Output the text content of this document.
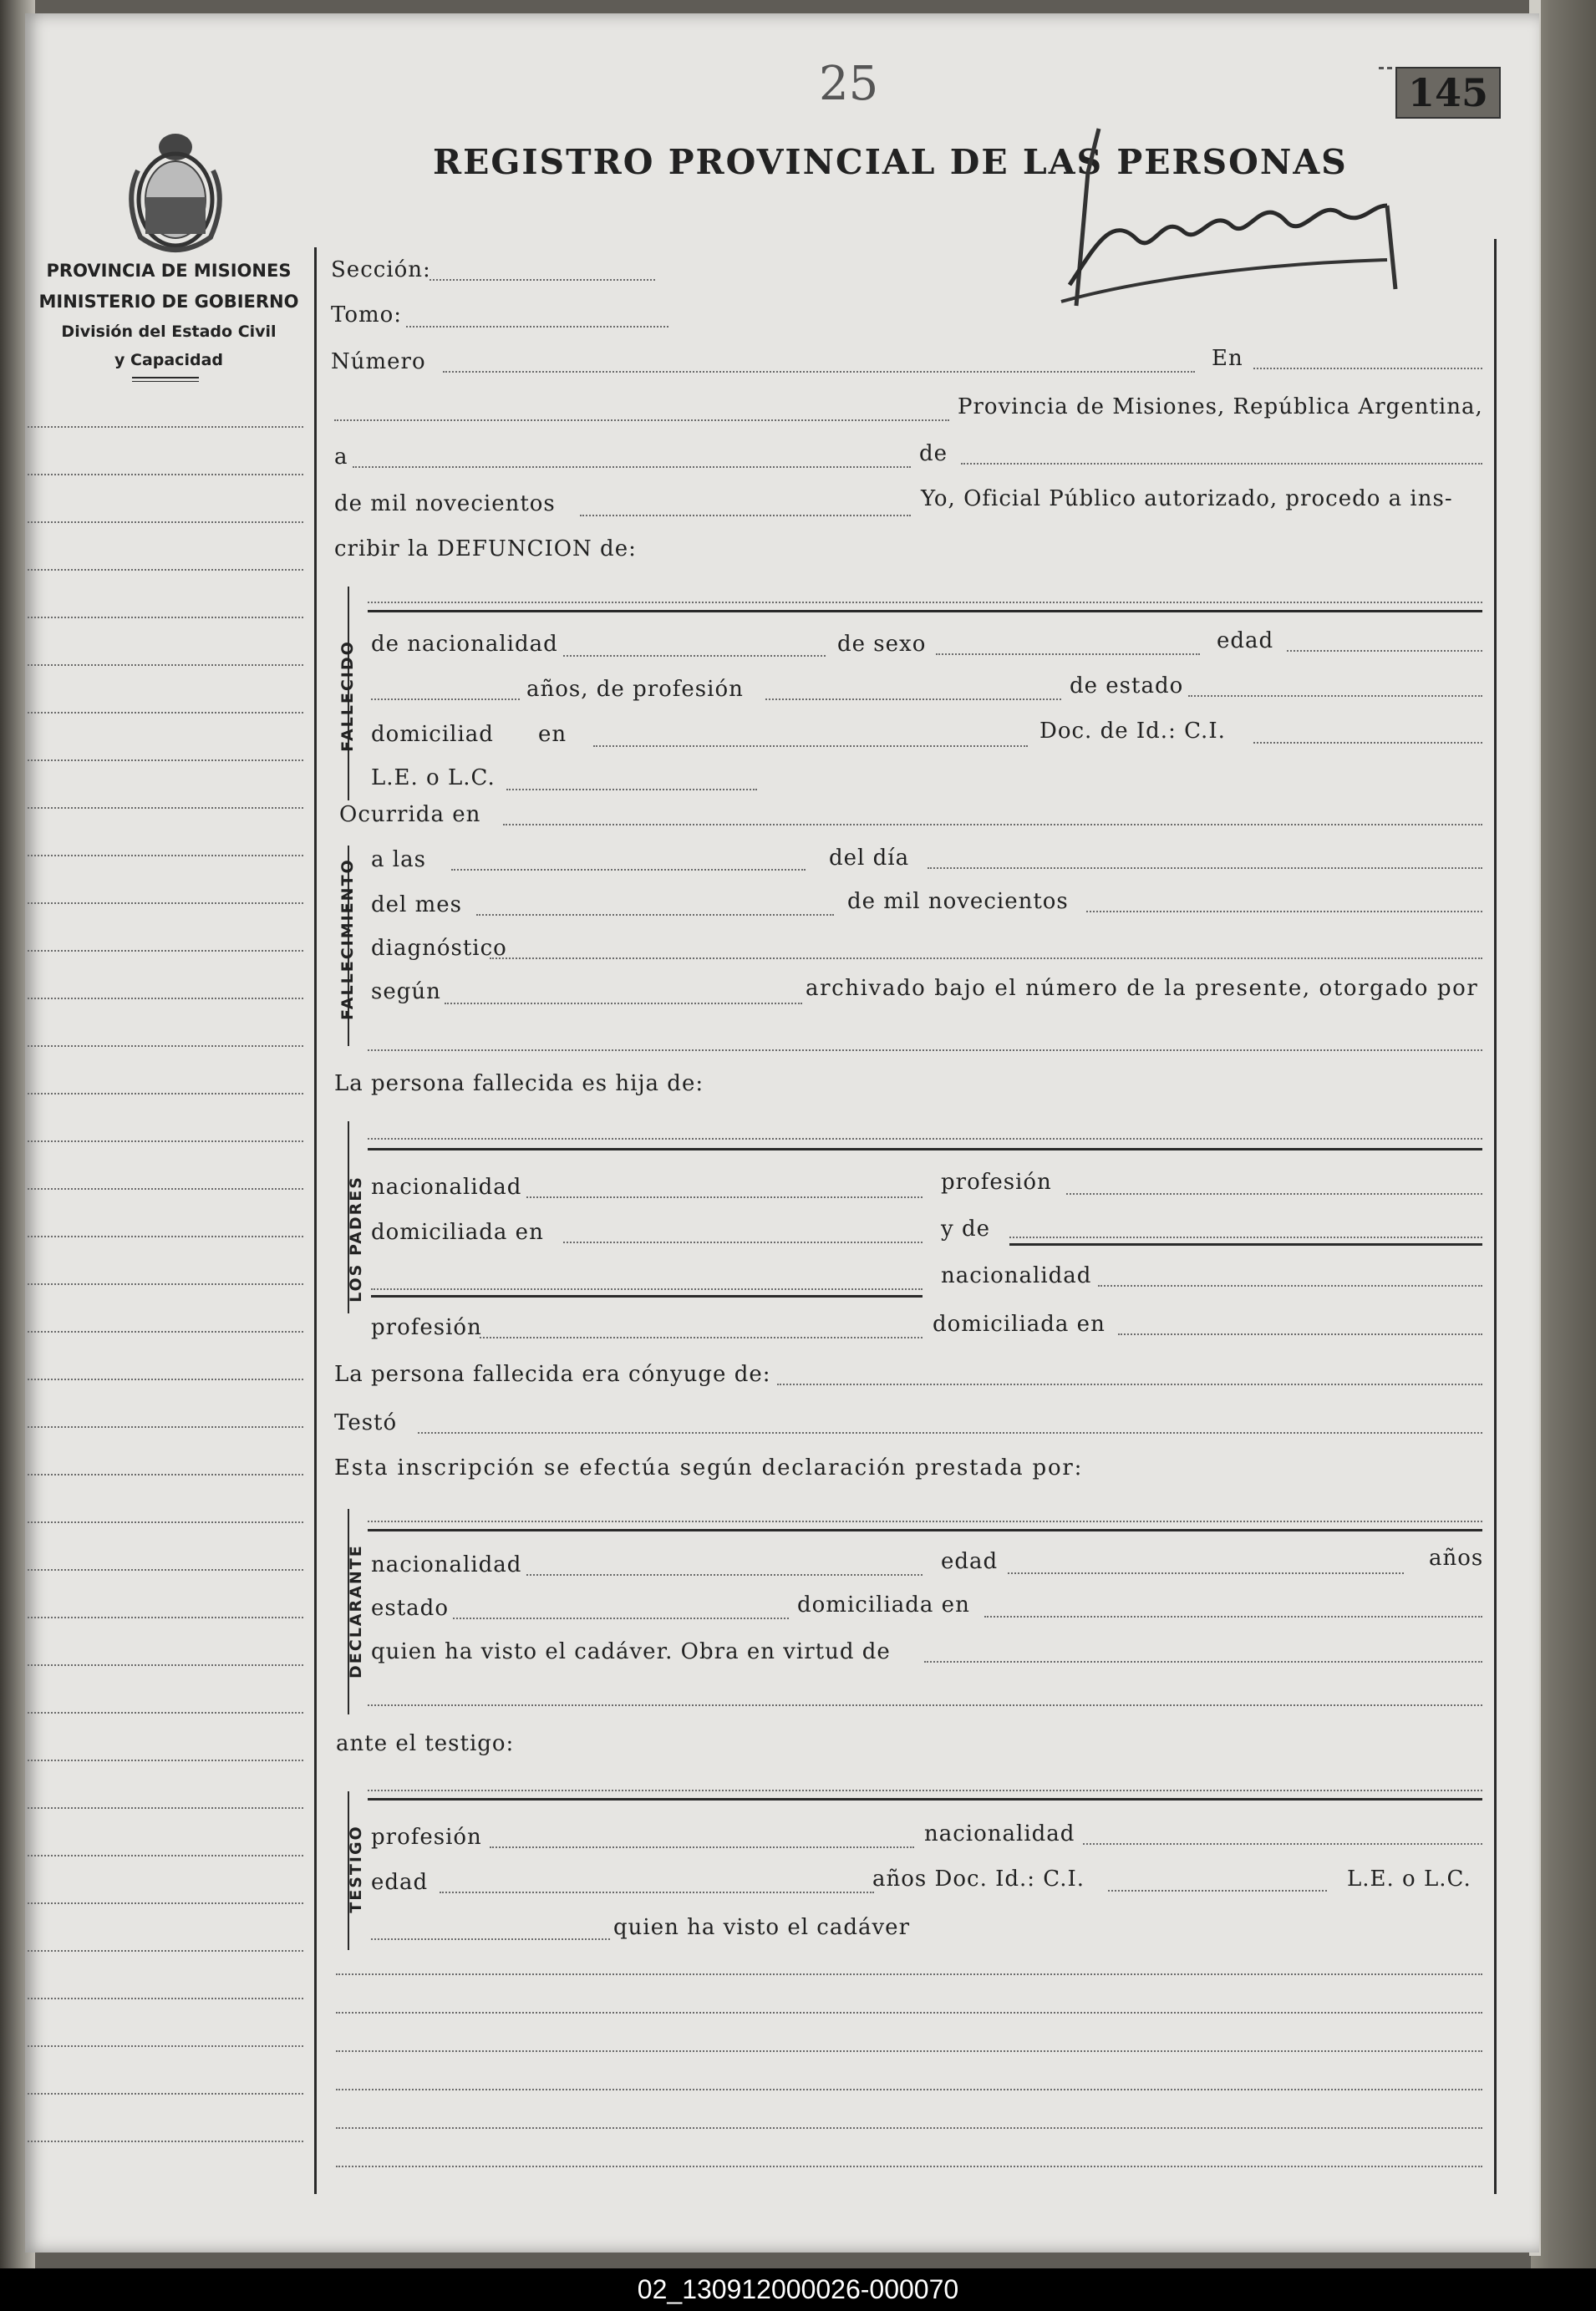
PROVINCIA DE MISIONES
MINISTERIO DE GOBIERNO
División del Estado Civil
y Capacidad
25	145
REGISTRO PROVINCIAL DE LAS PERSONAS
Sección:
Tomo:
Número	En
Provincia de Misiones, República Argentina,
a	de
de mil novecientos	Yo, Oficial Público autorizado, procedo a ins-
cribir la DEFUNCION de:
FALLECIDO de nacionalidad	de sexo	edad
años, de profesión	de estado
domiciliad en	Doc. de Id.: C.I.
L.E. o L.C.
Ocurrida en
FALLECIMIENTO a las	del día
del mes	de mil novecientos
diagnóstico
según	archivado bajo el número de la presente, otorgado por
La persona fallecida es hija de:
LOS PADRES nacionalidad	profesión
domiciliada en	y de
nacionalidad
profesión	domiciliada en
La persona fallecida era cónyuge de:
Testó
Esta inscripción se efectúa según declaración prestada por:
DECLARANTE nacionalidad	edad	años
estado	domiciliada en
quien ha visto el cadáver. Obra en virtud de
ante el testigo:
TESTIGO profesión	nacionalidad
edad	años Doc. Id.: C.I.	L.E. o L.C.
quien ha visto el cadáver
02_130912000026-000070
